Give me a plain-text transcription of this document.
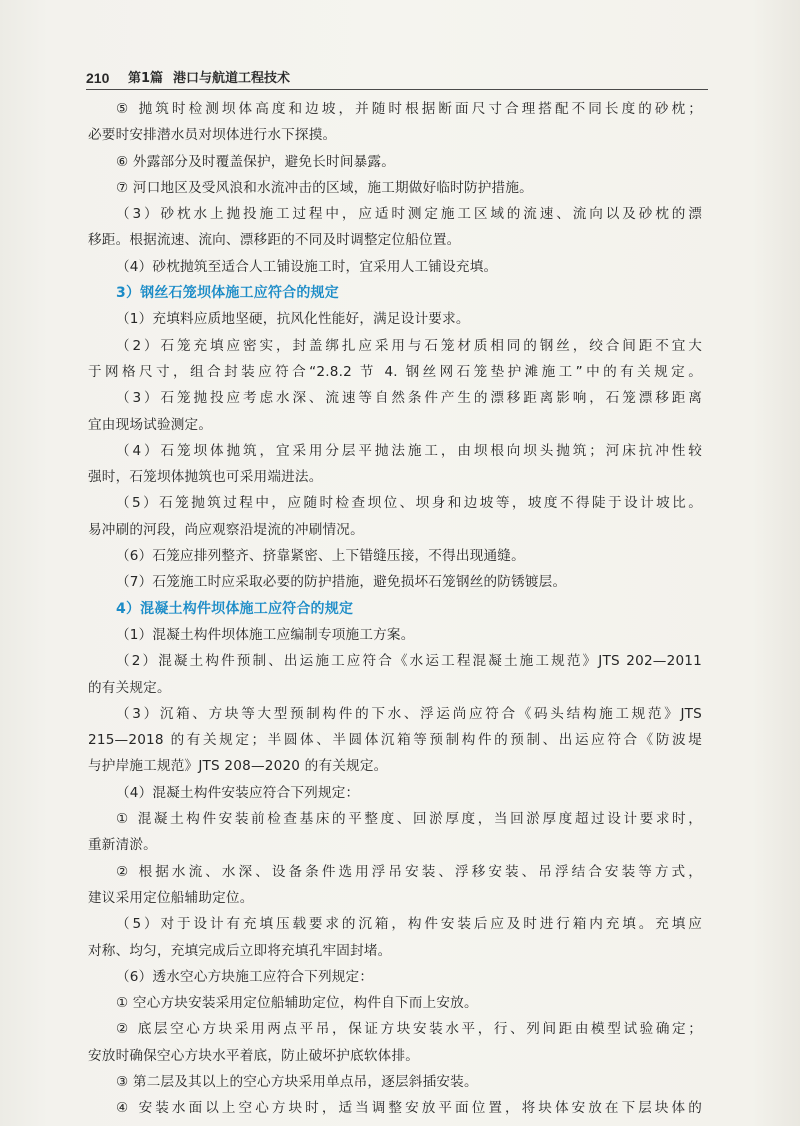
210	第1篇 港口与航道工程技术
⑤ 抛筑时检测坝体高度和边坡，并随时根据断面尺寸合理搭配不同长度的砂枕；
必要时安排潜水员对坝体进行水下探摸。
⑥ 外露部分及时覆盖保护，避免长时间暴露。
⑦ 河口地区及受风浪和水流冲击的区域，施工期做好临时防护措施。
（3）砂枕水上抛投施工过程中，应适时测定施工区域的流速、流向以及砂枕的漂
移距。根据流速、流向、漂移距的不同及时调整定位船位置。
（4）砂枕抛筑至适合人工铺设施工时，宜采用人工铺设充填。
3）钢丝石笼坝体施工应符合的规定
（1）充填料应质地坚硬，抗风化性能好，满足设计要求。
（2）石笼充填应密实，封盖绑扎应采用与石笼材质相同的钢丝，绞合间距不宜大
于网格尺寸，组合封装应符合“2.8.2 节 4. 钢丝网石笼垫护滩施工”中的有关规定。
（3）石笼抛投应考虑水深、流速等自然条件产生的漂移距离影响，石笼漂移距离
宜由现场试验测定。
（4）石笼坝体抛筑，宜采用分层平抛法施工，由坝根向坝头抛筑；河床抗冲性较
强时，石笼坝体抛筑也可采用端进法。
（5）石笼抛筑过程中，应随时检查坝位、坝身和边坡等，坡度不得陡于设计坡比。
易冲刷的河段，尚应观察沿堤流的冲刷情况。
（6）石笼应排列整齐、挤靠紧密、上下错缝压接，不得出现通缝。
（7）石笼施工时应采取必要的防护措施，避免损坏石笼钢丝的防锈镀层。
4）混凝土构件坝体施工应符合的规定
（1）混凝土构件坝体施工应编制专项施工方案。
（2）混凝土构件预制、出运施工应符合《水运工程混凝土施工规范》JTS 202—2011
的有关规定。
（3）沉箱、方块等大型预制构件的下水、浮运尚应符合《码头结构施工规范》JTS
215—2018 的有关规定；半圆体、半圆体沉箱等预制构件的预制、出运应符合《防波堤
与护岸施工规范》JTS 208—2020 的有关规定。
（4）混凝土构件安装应符合下列规定：
① 混凝土构件安装前检查基床的平整度、回淤厚度，当回淤厚度超过设计要求时，
重新清淤。
② 根据水流、水深、设备条件选用浮吊安装、浮移安装、吊浮结合安装等方式，
建议采用定位船辅助定位。
（5）对于设计有充填压载要求的沉箱，构件安装后应及时进行箱内充填。充填应
对称、均匀，充填完成后立即将充填孔牢固封堵。
（6）透水空心方块施工应符合下列规定：
① 空心方块安装采用定位船辅助定位，构件自下而上安放。
② 底层空心方块采用两点平吊，保证方块安装水平，行、列间距由模型试验确定；
安放时确保空心方块水平着底，防止破坏护底软体排。
③ 第二层及其以上的空心方块采用单点吊，逐层斜插安装。
④ 安装水面以上空心方块时，适当调整安放平面位置，将块体安放在下层块体的
